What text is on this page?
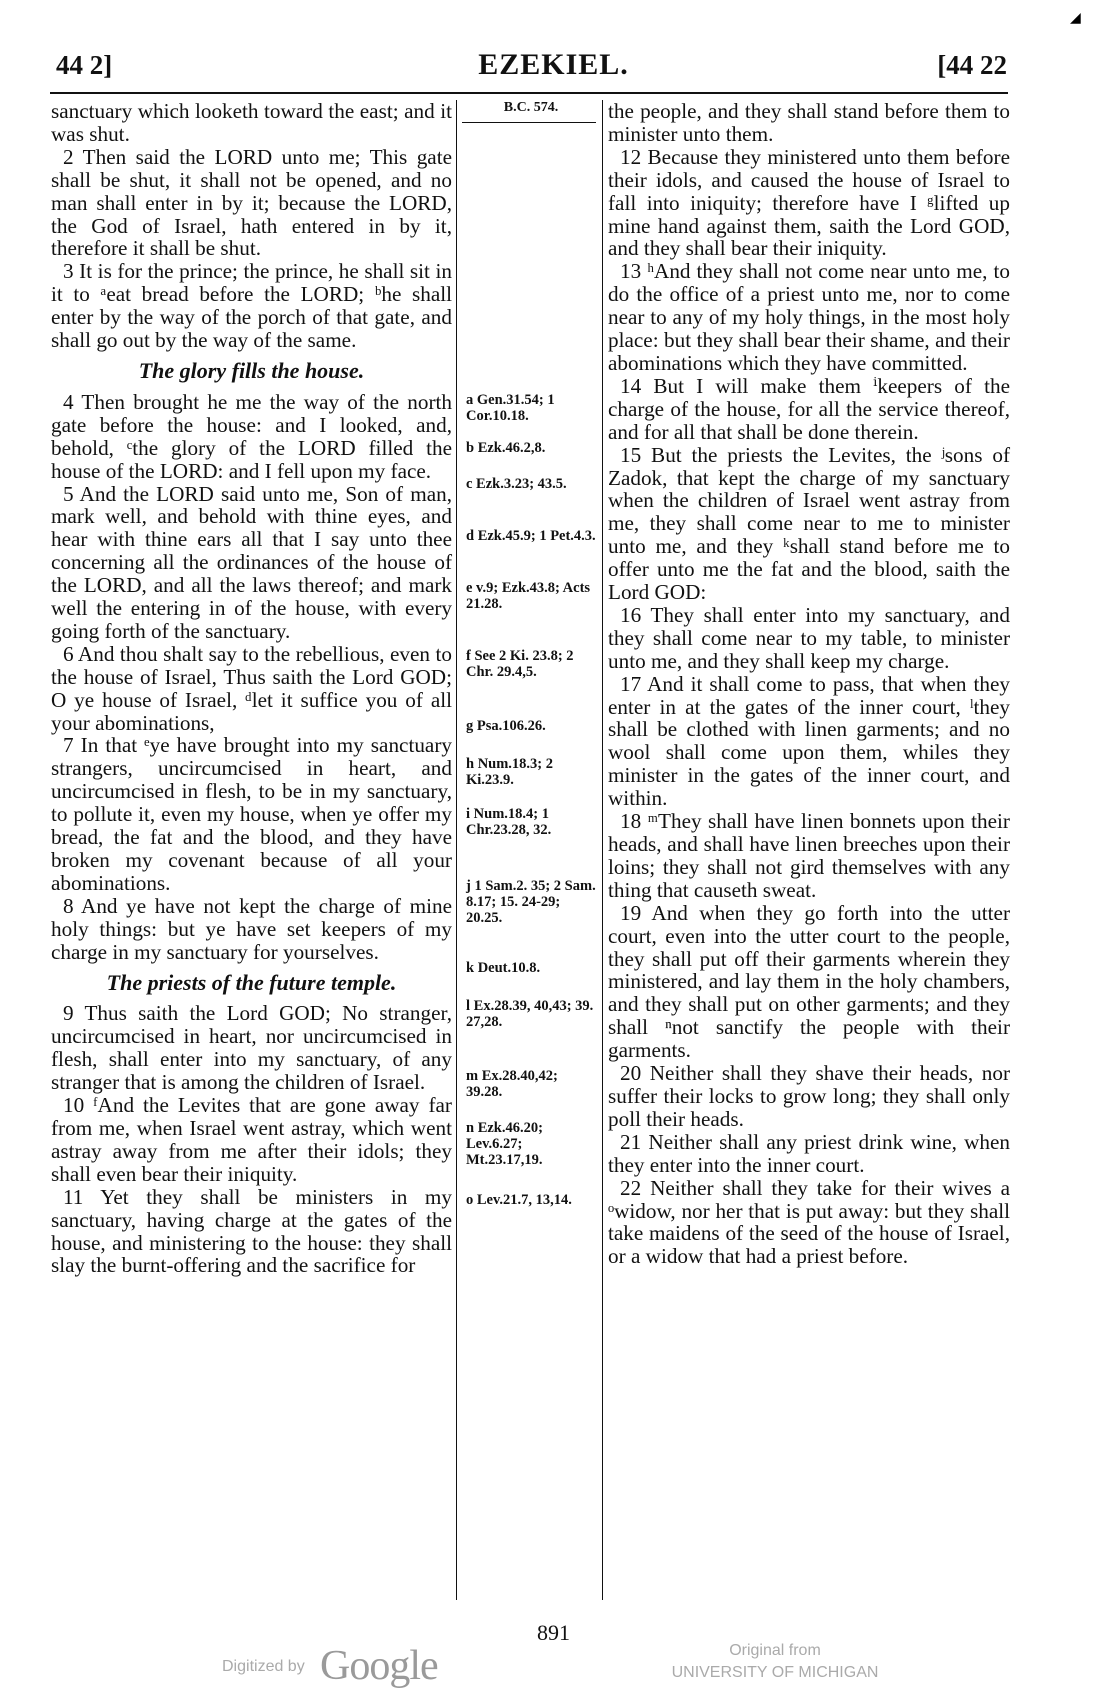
44 2]	EZEKIEL.	[44 22

sanctuary which looketh toward the east; and it was shut.

2 Then said the LORD unto me; This gate shall be shut, it shall not be opened, and no man shall enter in by it; because the LORD, the God of Israel, hath entered in by it, therefore it shall be shut.

3 It is for the prince; the prince, he shall sit in it to ᵃeat bread before the LORD; ᵇhe shall enter by the way of the porch of that gate, and shall go out by the way of the same.

The glory fills the house.

4 Then brought he me the way of the north gate before the house: and I looked, and, behold, ᶜthe glory of the LORD filled the house of the LORD: and I fell upon my face.

5 And the LORD said unto me, Son of man, mark well, and behold with thine eyes, and hear with thine ears all that I say unto thee concerning all the ordinances of the house of the LORD, and all the laws thereof; and mark well the entering in of the house, with every going forth of the sanctuary.

6 And thou shalt say to the rebellious, even to the house of Israel, Thus saith the Lord GOD; O ye house of Israel, ᵈlet it suffice you of all your abominations,

7 In that ᵉye have brought into my sanctuary strangers, uncircumcised in heart, and uncircumcised in flesh, to be in my sanctuary, to pollute it, even my house, when ye offer my bread, the fat and the blood, and they have broken my covenant because of all your abominations.

8 And ye have not kept the charge of mine holy things: but ye have set keepers of my charge in my sanctuary for yourselves.

The priests of the future temple.

9 Thus saith the Lord GOD; No stranger, uncircumcised in heart, nor uncircumcised in flesh, shall enter into my sanctuary, of any stranger that is among the children of Israel.

10 ᶠAnd the Levites that are gone away far from me, when Israel went astray, which went astray away from me after their idols; they shall even bear their iniquity.

11 Yet they shall be ministers in my sanctuary, having charge at the gates of the house, and ministering to the house: they shall slay the burnt-offering and the sacrifice for

B.C. 574.
a Gen.31.54; 1 Cor.10.18.
b Ezk.46.2,8.
c Ezk.3.23; 43.5.
d Ezk.45.9; 1 Pet.4.3.
e v.9; Ezk.43.8; Acts 21.28.
f See 2 Ki. 23.8; 2 Chr. 29.4,5.
g Psa.106.26.
h Num.18.3; 2 Ki.23.9.
i Num.18.4; 1 Chr.23.28, 32.
j 1 Sam.2. 35; 2 Sam. 8.17; 15. 24-29; 20.25.
k Deut.10.8.
l Ex.28.39, 40,43; 39. 27,28.
m Ex.28.40,42; 39.28.
n Ezk.46.20; Lev.6.27; Mt.23.17,19.
o Lev.21.7, 13,14.

the people, and they shall stand before them to minister unto them.

12 Because they ministered unto them before their idols, and caused the house of Israel to fall into iniquity; therefore have I ᵍlifted up mine hand against them, saith the Lord GOD, and they shall bear their iniquity.

13 ʰAnd they shall not come near unto me, to do the office of a priest unto me, nor to come near to any of my holy things, in the most holy place: but they shall bear their shame, and their abominations which they have committed.

14 But I will make them ⁱkeepers of the charge of the house, for all the service thereof, and for all that shall be done therein.

15 But the priests the Levites, the ʲsons of Zadok, that kept the charge of my sanctuary when the children of Israel went astray from me, they shall come near to me to minister unto me, and they ᵏshall stand before me to offer unto me the fat and the blood, saith the Lord GOD:

16 They shall enter into my sanctuary, and they shall come near to my table, to minister unto me, and they shall keep my charge.

17 And it shall come to pass, that when they enter in at the gates of the inner court, ˡthey shall be clothed with linen garments; and no wool shall come upon them, whiles they minister in the gates of the inner court, and within.

18 ᵐThey shall have linen bonnets upon their heads, and shall have linen breeches upon their loins; they shall not gird themselves with any thing that causeth sweat.

19 And when they go forth into the utter court, even into the utter court to the people, they shall put off their garments wherein they ministered, and lay them in the holy chambers, and they shall put on other garments; and they shall ⁿnot sanctify the people with their garments.

20 Neither shall they shave their heads, nor suffer their locks to grow long; they shall only poll their heads.

21 Neither shall any priest drink wine, when they enter into the inner court.

22 Neither shall they take for their wives a ᵒwidow, nor her that is put away: but they shall take maidens of the seed of the house of Israel, or a widow that had a priest before.

891
Digitized by Google	Original from
UNIVERSITY OF MICHIGAN
◢
